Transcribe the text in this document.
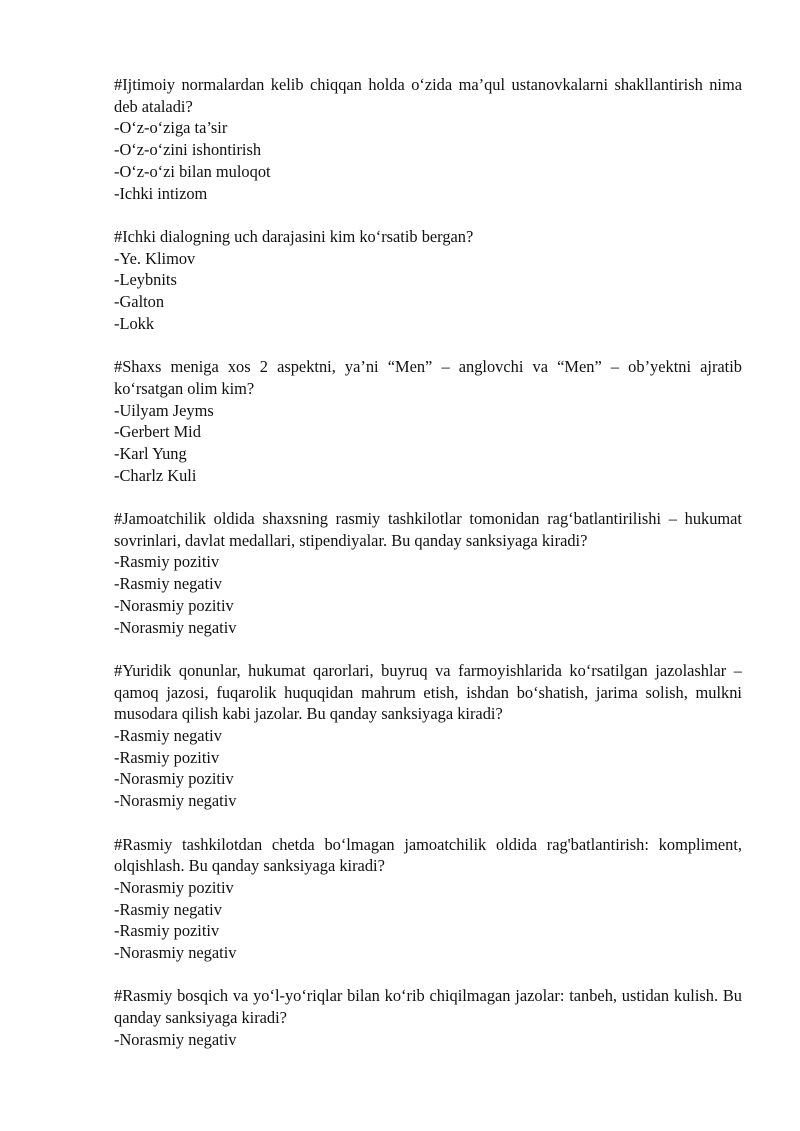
#Ijtimoiy normalardan kelib chiqqan holda o‘zida ma’qul ustanovkalarni shakllantirish nima deb ataladi?

-O‘z-o‘ziga ta’sir
-O‘z-o‘zini ishontirish
-O‘z-o‘zi bilan muloqot
-Ichki intizom

#Ichki dialogning uch darajasini kim ko‘rsatib bergan?

-Ye. Klimov
-Leybnits
-Galton
-Lokk

#Shaxs meniga xos 2 aspektni, ya’ni “Men” – anglovchi va “Men” – ob’yektni ajratib ko‘rsatgan olim kim?

-Uilyam Jeyms
-Gerbert Mid
-Karl Yung
-Charlz Kuli

#Jamoatchilik oldida shaxsning rasmiy tashkilotlar tomonidan rag‘batlantirilishi – hukumat sovrinlari, davlat medallari, stipendiyalar. Bu qanday sanksiyaga kiradi?

-Rasmiy pozitiv
-Rasmiy negativ
-Norasmiy pozitiv
-Norasmiy negativ

#Yuridik qonunlar, hukumat qarorlari, buyruq va farmoyishlarida ko‘rsatilgan jazolashlar – qamoq jazosi, fuqarolik huquqidan mahrum etish, ishdan bo‘shatish, jarima solish, mulkni musodara qilish kabi jazolar. Bu qanday sanksiyaga kiradi?

-Rasmiy negativ
-Rasmiy pozitiv
-Norasmiy pozitiv
-Norasmiy negativ

#Rasmiy tashkilotdan chetda bo‘lmagan jamoatchilik oldida rag'batlantirish: kompliment, olqishlash. Bu qanday sanksiyaga kiradi?

-Norasmiy pozitiv
-Rasmiy negativ
-Rasmiy pozitiv
-Norasmiy negativ

#Rasmiy bosqich va yo‘l-yo‘riqlar bilan ko‘rib chiqilmagan jazolar: tanbeh, ustidan kulish. Bu qanday sanksiyaga kiradi?

-Norasmiy negativ
